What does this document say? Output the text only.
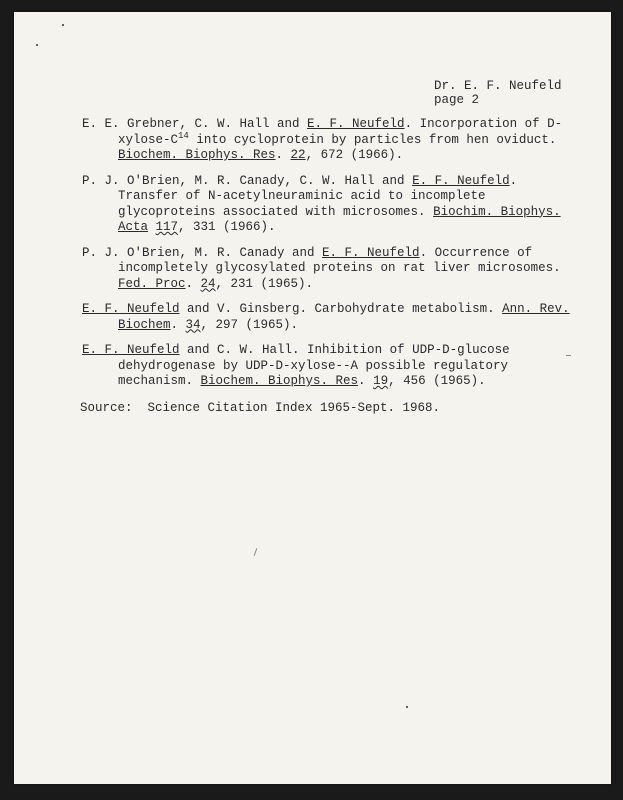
Dr. E. F. Neufeld
page 2
E. E. Grebner, C. W. Hall and E. F. Neufeld. Incorporation of $D-xylose-C^{14}$ into cycloprotein by particles from hen oviduct. Biochem. Biophys. Res. 22, 672 (1966).
P. J. O'Brien, M. R. Canady, C. W. Hall and E. F. Neufeld. Transfer of N-acetylneuraminic acid to incomplete glycoproteins associated with microsomes. Biochim. Biophys. Acta 117, 331 (1966).
P. J. O'Brien, M. R. Canady and E. F. Neufeld. Occurrence of incompletely glycosylated proteins on rat liver microsomes. Fed. Proc. 24, 231 (1965).
E. F. Neufeld and V. Ginsberg. Carbohydrate metabolism. Ann. Rev. Biochem. 34, 297 (1965).
E. F. Neufeld and C. W. Hall. Inhibition of UDP-D-glucose dehydrogenase by UDP-D-xylose--A possible regulatory mechanism. Biochem. Biophys. Res. 19, 456 (1965).
Source:  Science Citation Index 1965-Sept. 1968.
